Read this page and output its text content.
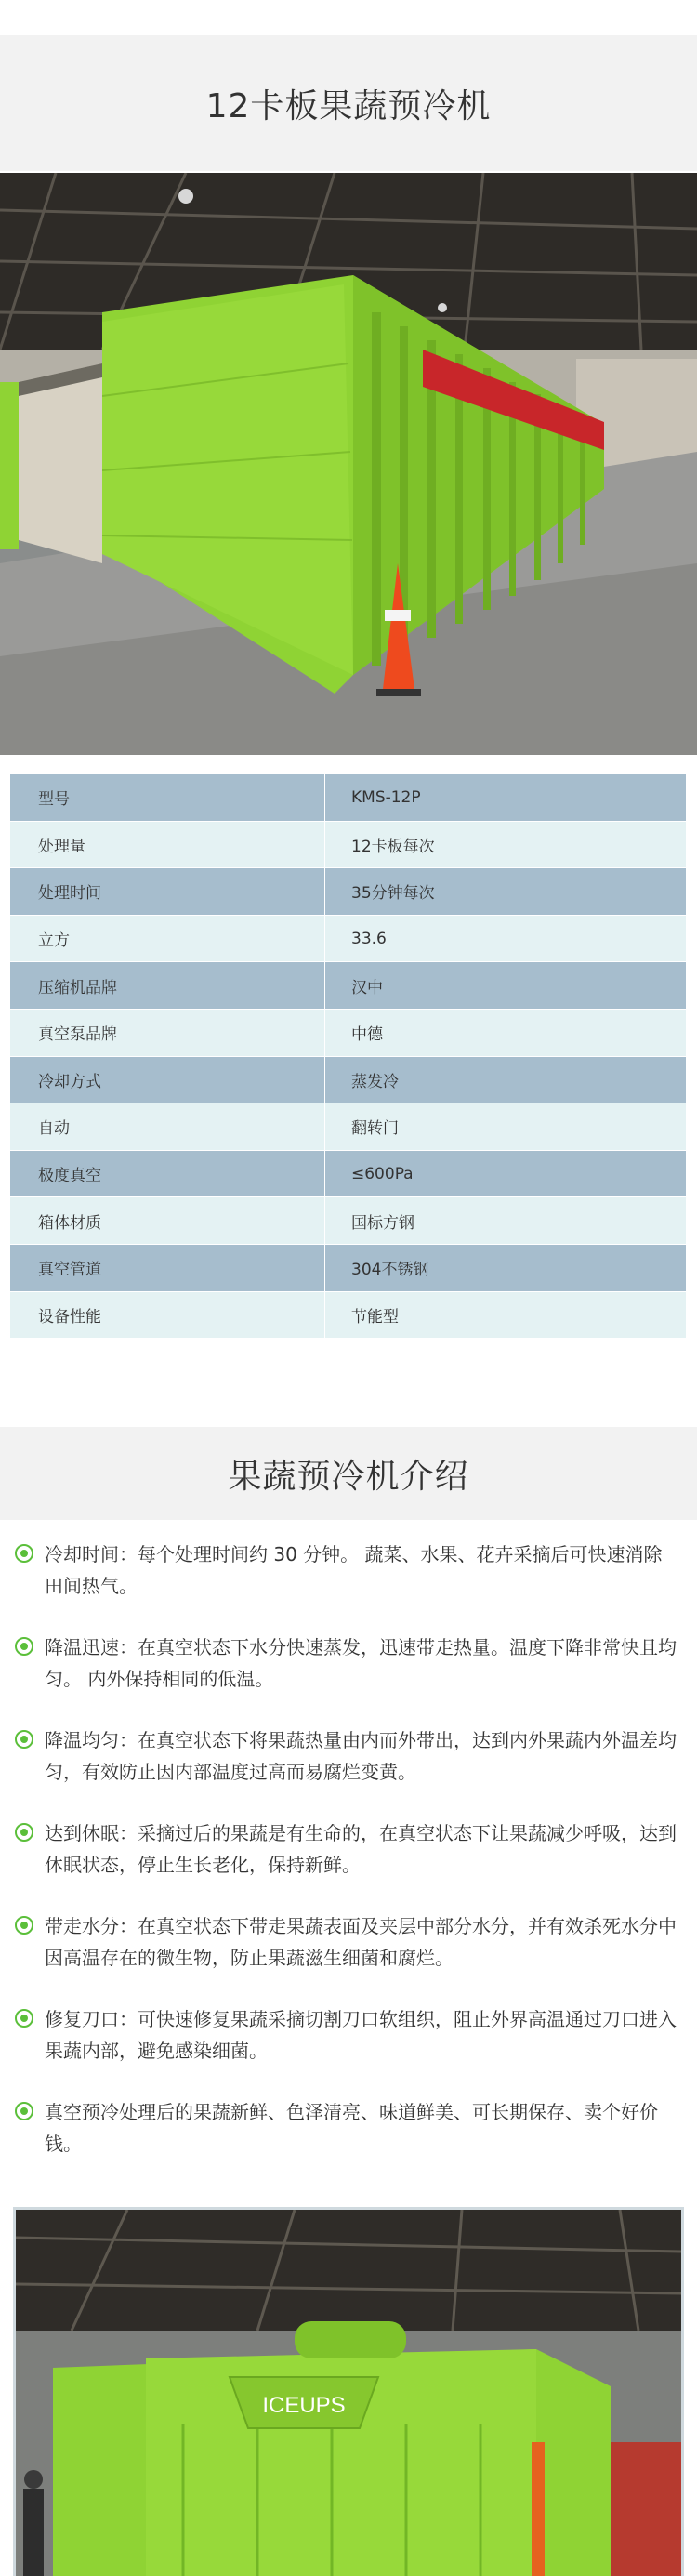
12卡板果蔬预冷机
型号	KMS-12P
处理量	12卡板每次
处理时间	35分钟每次
立方	33.6
压缩机品牌	汉中
真空泵品牌	中德
冷却方式	蒸发冷
自动	翻转门
极度真空	≤600Pa
箱体材质	国标方钢
真空管道	304不锈钢
设备性能	节能型
果蔬预冷机介绍

冷却时间：每个处理时间约 30 分钟。 蔬菜、水果、花卉采摘后可快速消除田间热气。

降温迅速：在真空状态下水分快速蒸发，迅速带走热量。温度下降非常快且均匀。 内外保持相同的低温。

降温均匀：在真空状态下将果蔬热量由内而外带出，达到内外果蔬内外温差均匀，有效防止因内部温度过高而易腐烂变黄。

达到休眠：采摘过后的果蔬是有生命的，在真空状态下让果蔬减少呼吸，达到休眠状态，停止生长老化，保持新鲜。

带走水分：在真空状态下带走果蔬表面及夹层中部分水分，并有效杀死水分中因高温存在的微生物，防止果蔬滋生细菌和腐烂。

修复刀口：可快速修复果蔬采摘切割刀口软组织，阻止外界高温通过刀口进入果蔬内部，避免感染细菌。

真空预冷处理后的果蔬新鲜、色泽清亮、味道鲜美、可长期保存、卖个好价钱。

ICEUPS
